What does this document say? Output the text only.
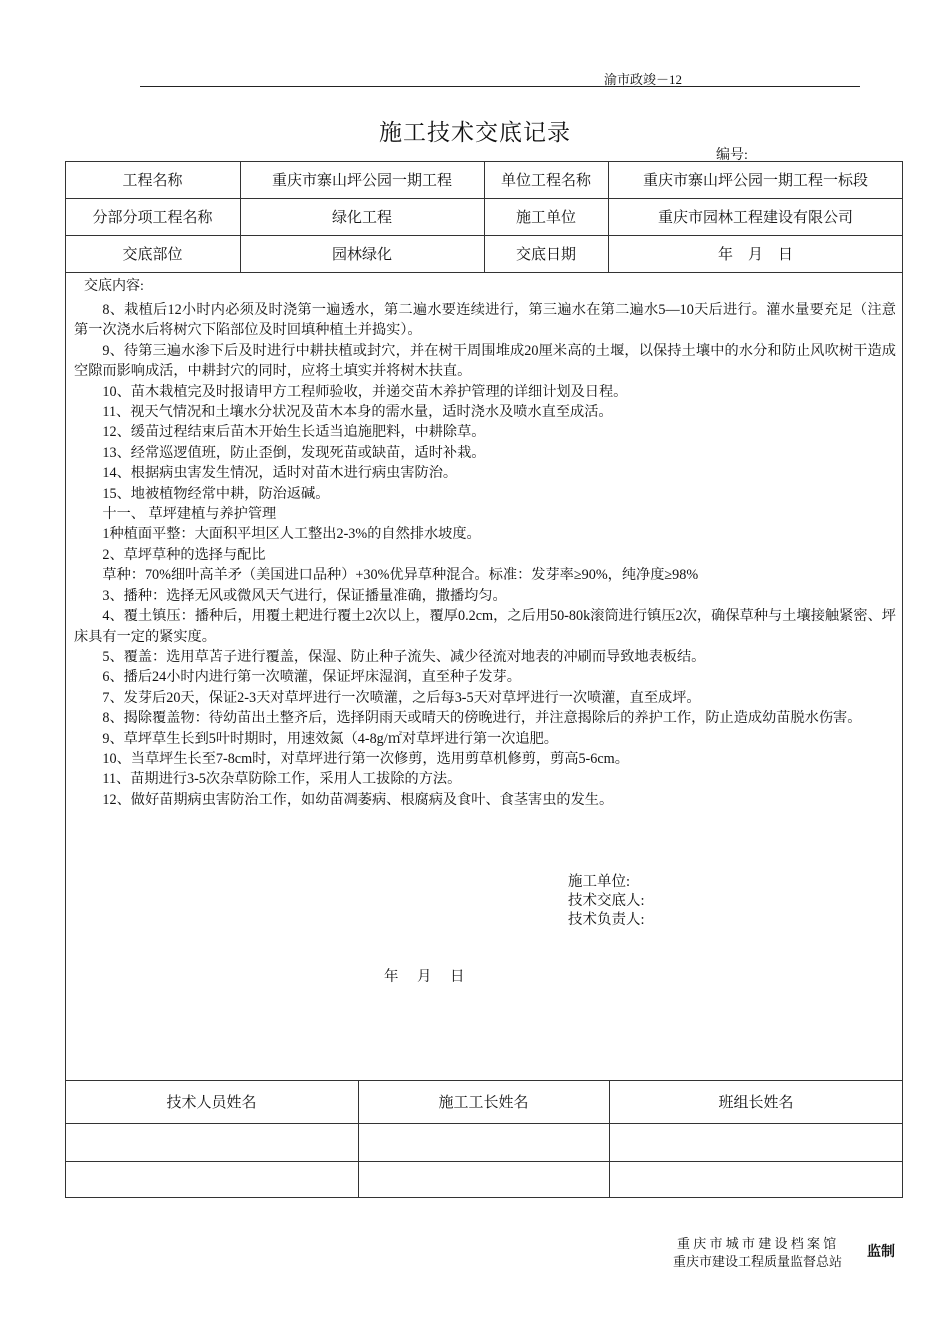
渝市政竣－12
施工技术交底记录
编号:
工程名称	重庆市寨山坪公园一期工程	单位工程名称	重庆市寨山坪公园一期工程一标段
分部分项工程名称	绿化工程	施工单位	重庆市园林工程建设有限公司
交底部位	园林绿化	交底日期	年　月　日
交底内容:

8、栽植后12小时内必须及时浇第一遍透水，第二遍水要连续进行，第三遍水在第二遍水5—10天后进行。灌水量要充足（注意第一次浇水后将树穴下陷部位及时回填种植土并捣实）。

9、待第三遍水渗下后及时进行中耕扶植或封穴，并在树干周围堆成20厘米高的土堰，以保持土壤中的水分和防止风吹树干造成空隙而影响成活，中耕封穴的同时，应将土填实并将树木扶直。

10、苗木栽植完及时报请甲方工程师验收，并递交苗木养护管理的详细计划及日程。

11、视天气情况和土壤水分状况及苗木本身的需水量，适时浇水及喷水直至成活。

12、缓苗过程结束后苗木开始生长适当追施肥料，中耕除草。

13、经常巡逻值班，防止歪倒，发现死苗或缺苗，适时补栽。

14、根据病虫害发生情况，适时对苗木进行病虫害防治。

15、地被植物经常中耕，防治返碱。

十一、 草坪建植与养护管理

1种植面平整：大面积平坦区人工整出2-3%的自然排水坡度。

2、草坪草种的选择与配比

草种：70%细叶高羊矛（美国进口品种）+30%优异草种混合。标准：发芽率≥90%，纯净度≥98%

3、播种：选择无风或微风天气进行，保证播量准确，撒播均匀。

4、覆土镇压：播种后，用覆土耙进行覆土2次以上，覆厚0.2cm，之后用50-80k滚筒进行镇压2次，确保草种与土壤接触紧密、坪床具有一定的紧实度。

5、覆盖：选用草苫子进行覆盖，保湿、防止种子流失、减少径流对地表的冲刷而导致地表板结。

6、播后24小时内进行第一次喷灌，保证坪床湿润，直至种子发芽。

7、发芽后20天，保证2-3天对草坪进行一次喷灌，之后每3-5天对草坪进行一次喷灌，直至成坪。

8、揭除覆盖物：待幼苗出土整齐后，选择阴雨天或晴天的傍晚进行，并注意揭除后的养护工作，防止造成幼苗脱水伤害。

9、草坪草生长到5叶时期时，用速效氮（4-8g/㎡对草坪进行第一次追肥。

10、当草坪生长至7-8cm时，对草坪进行第一次修剪，选用剪草机修剪，剪高5-6cm。

11、苗期进行3-5次杂草防除工作，采用人工拔除的方法。

12、做好苗期病虫害防治工作，如幼苗凋萎病、根腐病及食叶、食茎害虫的发生。

施工单位:
技术交底人:
技术负责人:
年　月　日
技术人员姓名	施工工长姓名	班组长姓名
重 庆 市 城 市 建 设 档 案 馆
重庆市建设工程质量监督总站
监制
